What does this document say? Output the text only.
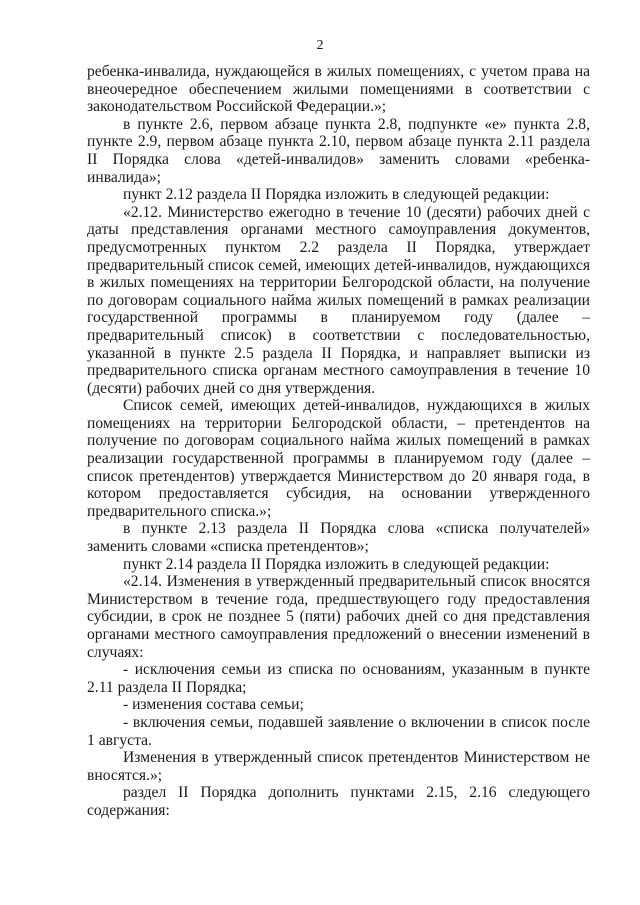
2

ребенка-инвалида, нуждающейся в жилых помещениях, с учетом права на внеочередное обеспечением жилыми помещениями в соответствии с законодательством Российской Федерации.»;

в пункте 2.6, первом абзаце пункта 2.8, подпункте «е» пункта 2.8, пункте 2.9, первом абзаце пункта 2.10, первом абзаце пункта 2.11 раздела II Порядка слова «детей-инвалидов» заменить словами «ребенка-инвалида»;

пункт 2.12 раздела II Порядка изложить в следующей редакции:

«2.12. Министерство ежегодно в течение 10 (десяти) рабочих дней с даты представления органами местного самоуправления документов, предусмотренных пунктом 2.2 раздела II Порядка, утверждает предварительный список семей, имеющих детей-инвалидов, нуждающихся в жилых помещениях на территории Белгородской области, на получение по договорам социального найма жилых помещений в рамках реализации государственной программы в планируемом году (далее – предварительный список) в соответствии с последовательностью, указанной в пункте 2.5 раздела II Порядка, и направляет выписки из предварительного списка органам местного самоуправления в течение 10 (десяти) рабочих дней со дня утверждения.

Список семей, имеющих детей-инвалидов, нуждающихся в жилых помещениях на территории Белгородской области, – претендентов на получение по договорам социального найма жилых помещений в рамках реализации государственной программы в планируемом году (далее – список претендентов) утверждается Министерством до 20 января года, в котором предоставляется субсидия, на основании утвержденного предварительного списка.»;

в пункте 2.13 раздела II Порядка слова «списка получателей» заменить словами «списка претендентов»;

пункт 2.14 раздела II Порядка изложить в следующей редакции:

«2.14. Изменения в утвержденный предварительный список вносятся Министерством в течение года, предшествующего году предоставления субсидии, в срок не позднее 5 (пяти) рабочих дней со дня представления органами местного самоуправления предложений о внесении изменений в случаях:

- исключения семьи из списка по основаниям, указанным в пункте 2.11 раздела II Порядка;

- изменения состава семьи;

- включения семьи, подавшей заявление о включении в список после 1 августа.

Изменения в утвержденный список претендентов Министерством не вносятся.»;

раздел II Порядка дополнить пунктами 2.15, 2.16 следующего содержания:
